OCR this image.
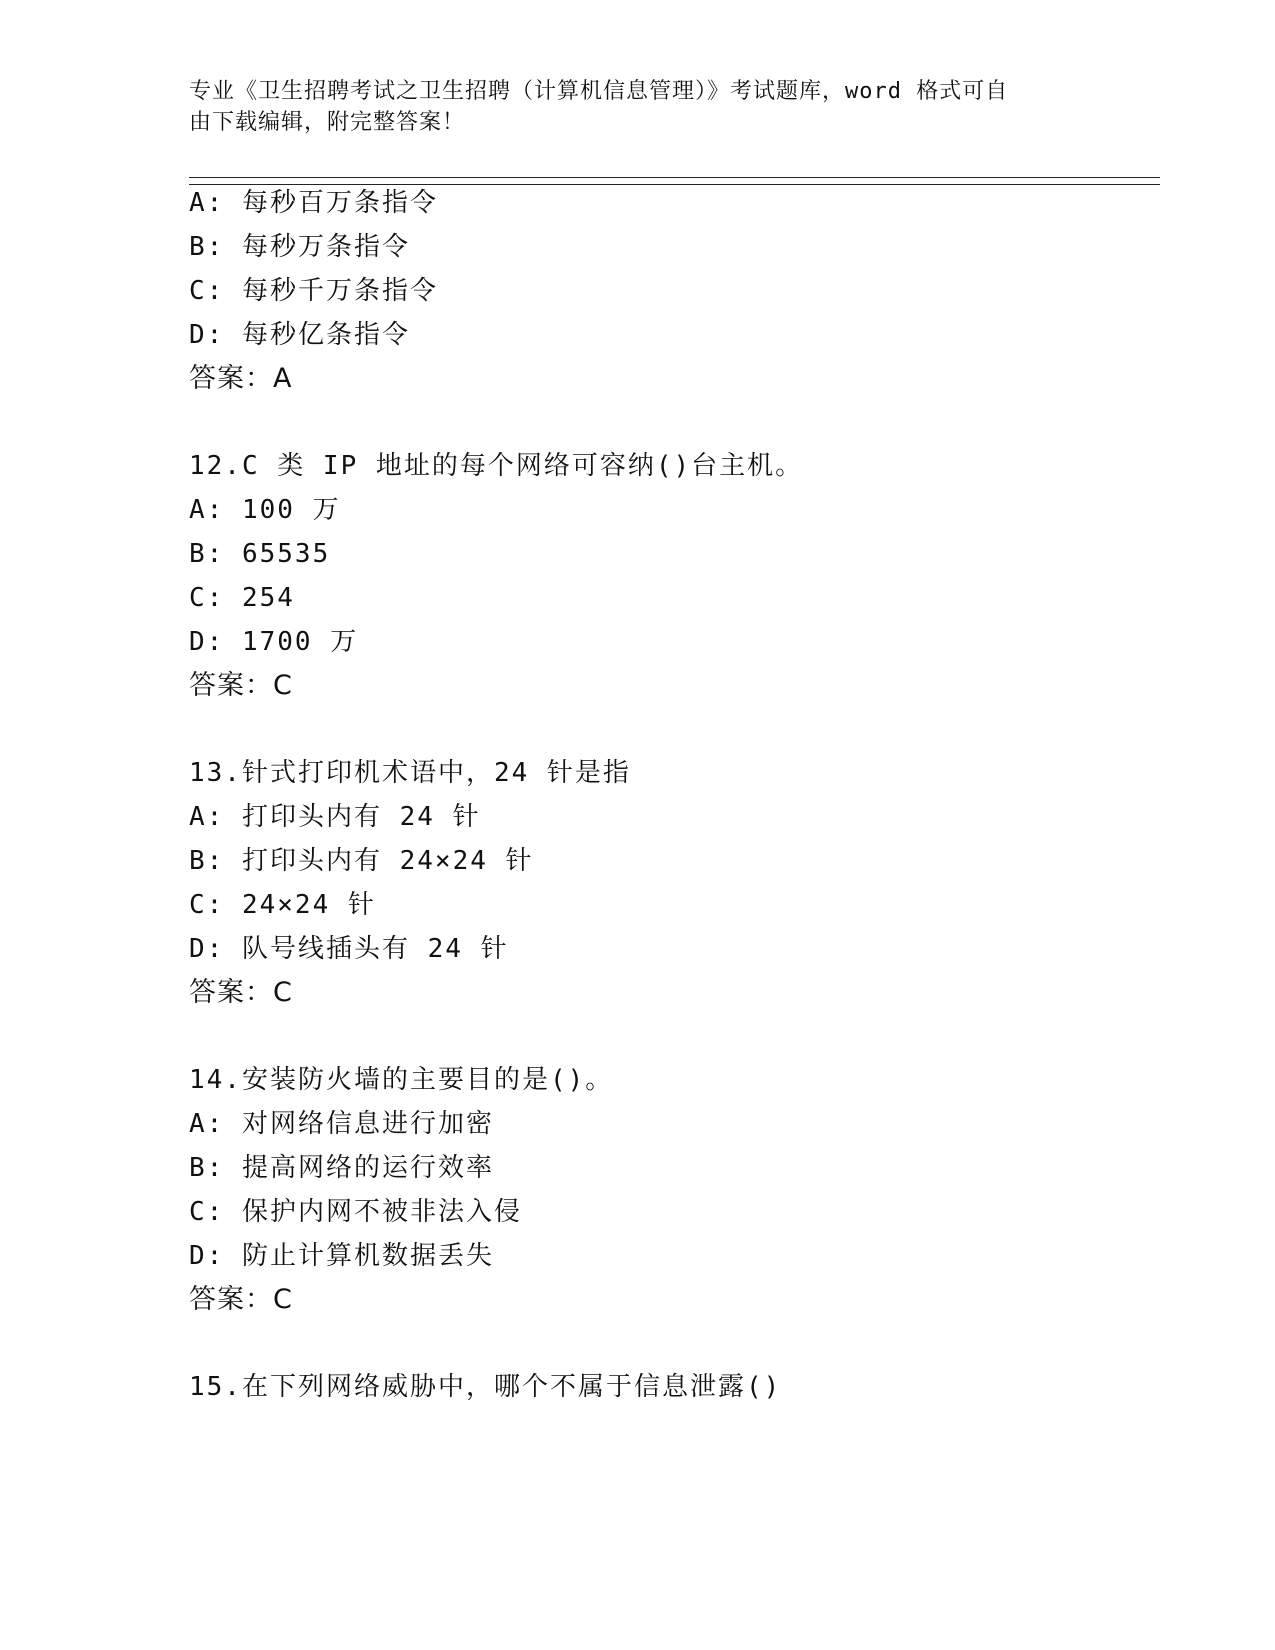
专业《卫生招聘考试之卫生招聘（计算机信息管理）》考试题库，word 格式可自
由下载编辑，附完整答案！
A: 每秒百万条指令
B: 每秒万条指令
C: 每秒千万条指令
D: 每秒亿条指令
答案：A
12.C 类 IP 地址的每个网络可容纳()台主机。
A: 100 万
B: 65535
C: 254
D: 1700 万
答案：C
13.针式打印机术语中，24 针是指
A: 打印头内有 24 针
B: 打印头内有 24×24 针
C: 24×24 针
D: 队号线插头有 24 针
答案：C
14.安装防火墙的主要目的是()。
A: 对网络信息进行加密
B: 提高网络的运行效率
C: 保护内网不被非法入侵
D: 防止计算机数据丢失
答案：C
15.在下列网络威胁中，哪个不属于信息泄露()
